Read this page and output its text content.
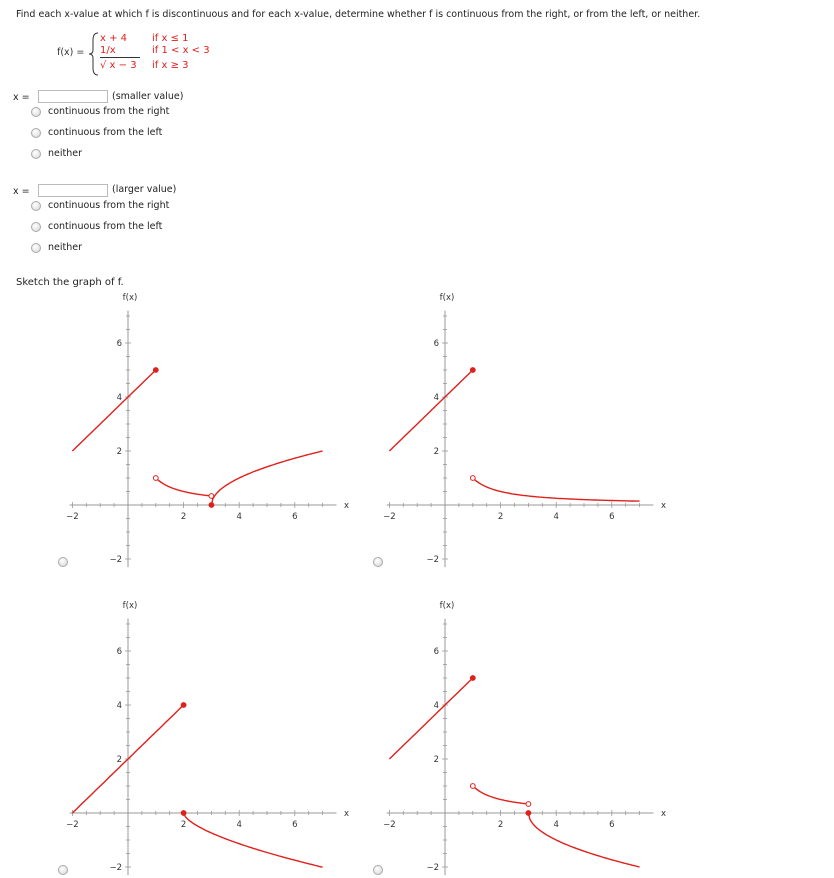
Find each x-value at which f is discontinuous and for each x-value, determine whether f is continuous from the right, or from the left, or neither.
f(x) =
x + 4 if x ≤ 1
1/x	if 1 < x < 3
√ x − 3 if x ≥ 3
x =	(smaller value)
continuous from the right
continuous from the left
neither
x =	(larger value)
continuous from the right
continuous from the left
neither
Sketch the graph of f.
−2	2	4	6
6
4
2
−2
f(x)
x
−2	2	4	6
6
4
2
−2
f(x)
x
−2	2	4	6
6
4
2
−2
f(x)
x
−2	2	4	6
6
4
2
−2
f(x)
x
